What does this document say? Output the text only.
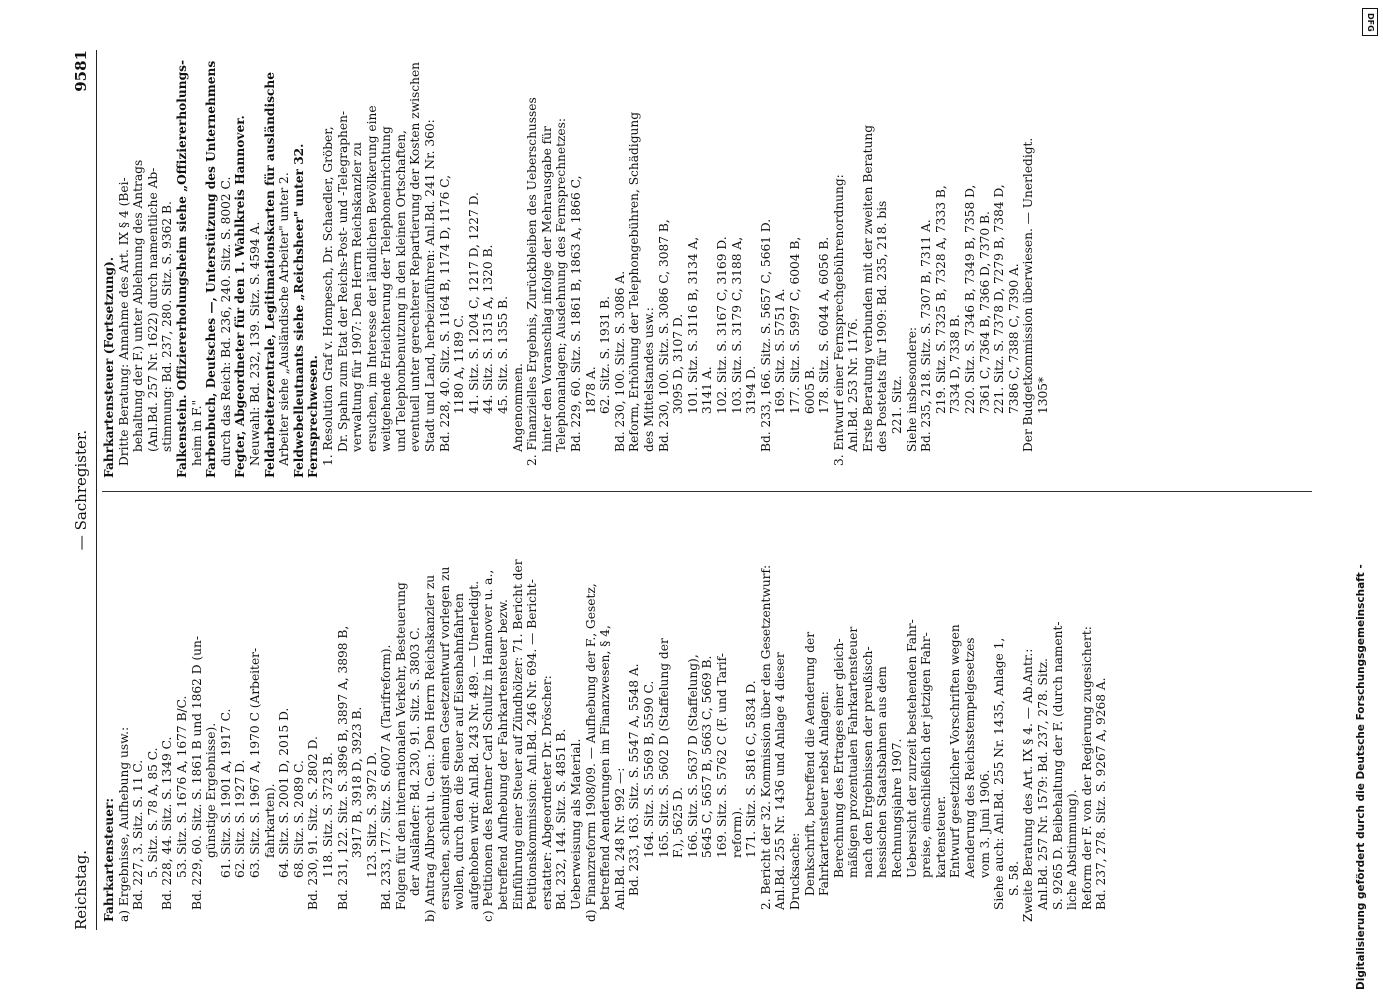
Reichstag.
— Sachregister.
9581
Fahrkartensteuer: a) Ergebnisse, Aufhebung usw.: Bd. 227, 3. Sitz. S. 11 C. 5. Sitz. S. 78 A, 85 C. Bd. 228, 44. Sitz. S. 1349 C. 53. Sitz. S. 1676 A, 1677 B/C. Bd. 229, 60. Sitz. S. 1861 B und 1862 D (un- günstige Ergebnisse). 61. Sitz. S. 1901 A, 1917 C. 62. Sitz. S. 1927 D. 63. Sitz. S. 1967 A, 1970 C (Arbeiter- fahrkarten). 64. Sitz. S. 2001 D, 2015 D. 68. Sitz. S. 2089 C. Bd. 230, 91. Sitz. S. 2802 D. 118. Sitz. S. 3723 B. Bd. 231, 122. Sitz. S. 3896 B, 3897 A, 3898 B, 3917 B, 3918 D, 3923 B. 123. Sitz. S. 3972 D. Bd. 233, 177. Sitz. S. 6007 A (Tarifreform). Folgen für den internationalen Verkehr, Besteuerung der Ausländer: Bd. 230, 91. Sitz. S. 3803 C. b) Antrag Albrecht u. Gen.: Den Herrn Reichskanzler zu ersuchen, schleunigst einen Gesetzentwurf vorlegen zu wollen, durch den die Steuer auf Eisenbahnfahrten aufgehoben wird: Anl.Bd. 243 Nr. 489. — Unerledigt. c) Petitionen des Rentner Carl Schultz in Hannover u. a., betreffend Aufhebung der Fahrkartensteuer bezw. Einführung einer Steuer auf Zündhölzer: 71. Bericht der Petitionskommission: Anl.Bd. 246 Nr. 694. — Bericht- erstatter: Abgeordneter Dr. Dröscher: Bd. 232, 144. Sitz. S. 4851 B. Ueberweisung als Material. d) Finanzreform 1908/09. — Aufhebung der F., Gesetz, betreffend Aenderungen im Finanzwesen, § 4, Anl.Bd. 248 Nr. 992 —: Bd. 233, 163. Sitz. S. 5547 A, 5548 A. 164. Sitz. S. 5569 B, 5590 C. 165. Sitz. S. 5602 D (Staffelung der F.), 5625 D. 166. Sitz. S. 5637 D (Staffelung), 5645 C, 5657 B, 5663 C, 5669 B. 169. Sitz. S. 5762 C (F. und Tarif- reform). 171. Sitz. S. 5816 C, 5834 D. 2. Bericht der 32. Kommission über den Gesetzentwurf: Anl.Bd. 255 Nr. 1436 und Anlage 4 dieser Drucksache: Denkschrift, betreffend die Aenderung der Fahrkartensteuer nebst Anlagen: Berechnung des Ertrages einer gleich- mäßigen prozentualen Fahrkartensteuer nach den Ergebnissen der preußisch- hessischen Staatsbahnen aus dem Rechnungsjahre 1907. Uebersicht der zurzeit bestehenden Fahr- preise, einschließlich der jetzigen Fahr- kartensteuer. Entwurf gesetzlicher Vorschriften wegen Aenderung des Reichsstempelgesetzes vom 3. Juni 1906. Siehe auch: Anl.Bd. 255 Nr. 1435, Anlage 1, S. 58. Zweite Beratung des Art. IX § 4. — Ab.Antr.: Anl.Bd. 257 Nr. 1579: Bd. 237, 278. Sitz. S. 9265 D. Beibehaltung der F. (durch nament- liche Abstimmung). Reform der F. von der Regierung zugesichert: Bd. 237, 278. Sitz. S. 9267 A, 9268 A.
Fahrkartensteuer (Fortsetzung). Dritte Beratung: Annahme des Art. IX § 4 (Bei- behaltung der F.) unter Ablehnung des Antrags (Anl.Bd. 257 Nr. 1622) durch namentliche Ab- stimmung: Bd. 237, 280. Sitz. S. 9362 B. Falkenstein. Offiziererholungsheim siehe „Offiziererholungs- heim in F." Farbenbuch, Deutsches —, Unterstützung des Unternehmens durch das Reich: Bd. 236, 240. Sitz. S. 8002 C. Fegter, Abgeordneter für den 1. Wahlkreis Hannover. Neuwahl: Bd. 232, 139. Sitz. S. 4594 A. Feldarbeiterzentrale, Legitimationskarten für ausländische Arbeiter siehe „Ausländische Arbeiter" unter 2. Feldwebelleutnants siehe „Reichsheer" unter 32. Fernsprechwesen. 1. Resolution Graf v. Hompesch, Dr. Schaedler, Gröber, Dr. Spahn zum Etat der Reichs-Post- und -Telegraphen- verwaltung für 1907: Den Herrn Reichskanzler zu ersuchen, im Interesse der ländlichen Bevölkerung eine weitgehende Erleichterung der Telephoneinrichtung und Telephonbenutzung in den kleinen Ortschaften, eventuell unter gerechterer Repartierung der Kosten zwischen Stadt und Land, herbeizuführen: Anl.Bd. 241 Nr. 360: Bd. 228, 40. Sitz. S. 1164 B, 1174 D, 1176 C, 1180 A, 1189 C. 41. Sitz. S. 1204 C, 1217 D, 1227 D. 44. Sitz. S. 1315 A, 1320 B. 45. Sitz. S. 1355 B. Angenommen. 2. Finanzielles Ergebnis, Zurückbleiben des Ueberschusses hinter den Voranschlag infolge der Mehrausgabe für Telephonanlagen; Ausdehnung des Fernsprechnetzes: Bd. 229, 60. Sitz. S. 1861 B, 1863 A, 1866 C, 1878 A. 62. Sitz. S. 1931 B. Bd. 230, 100. Sitz. S. 3086 A. Reform, Erhöhung der Telephongebühren, Schädigung des Mittelstandes usw.: Bd. 230, 100. Sitz. S. 3086 C, 3087 B, 3095 D, 3107 D. 101. Sitz. S. 3116 B, 3134 A, 3141 A. 102. Sitz. S. 3167 C, 3169 D. 103. Sitz. S. 3179 C, 3188 A, 3194 D. Bd. 233, 166. Sitz. S. 5657 C, 5661 D. 169. Sitz. S. 5751 A. 177. Sitz. S. 5997 C, 6004 B, 6005 B. 178. Sitz. S. 6044 A, 6056 B. 3. Entwurf einer Fernsprechgebührenordnung: Anl.Bd. 253 Nr. 1176. Erste Beratung verbunden mit der zweiten Beratung des Postetats für 1909: Bd. 235, 218. bis 221. Sitz. Siehe insbesondere: Bd. 235, 218. Sitz. S. 7307 B, 7311 A. 219. Sitz. S. 7325 B, 7328 A, 7333 B, 7334 D, 7338 B. 220. Sitz. S. 7346 B, 7349 B, 7358 D, 7361 C, 7364 B, 7366 D, 7370 B. 221. Sitz. S. 7378 D, 7279 B, 7384 D, 7386 C, 7388 C, 7390 A. Der Budgetkommission überwiesen. — Unerledigt. 1305*
Digitalisierung gefördert durch die Deutsche Forschungsgemeinschaft -
DFG
